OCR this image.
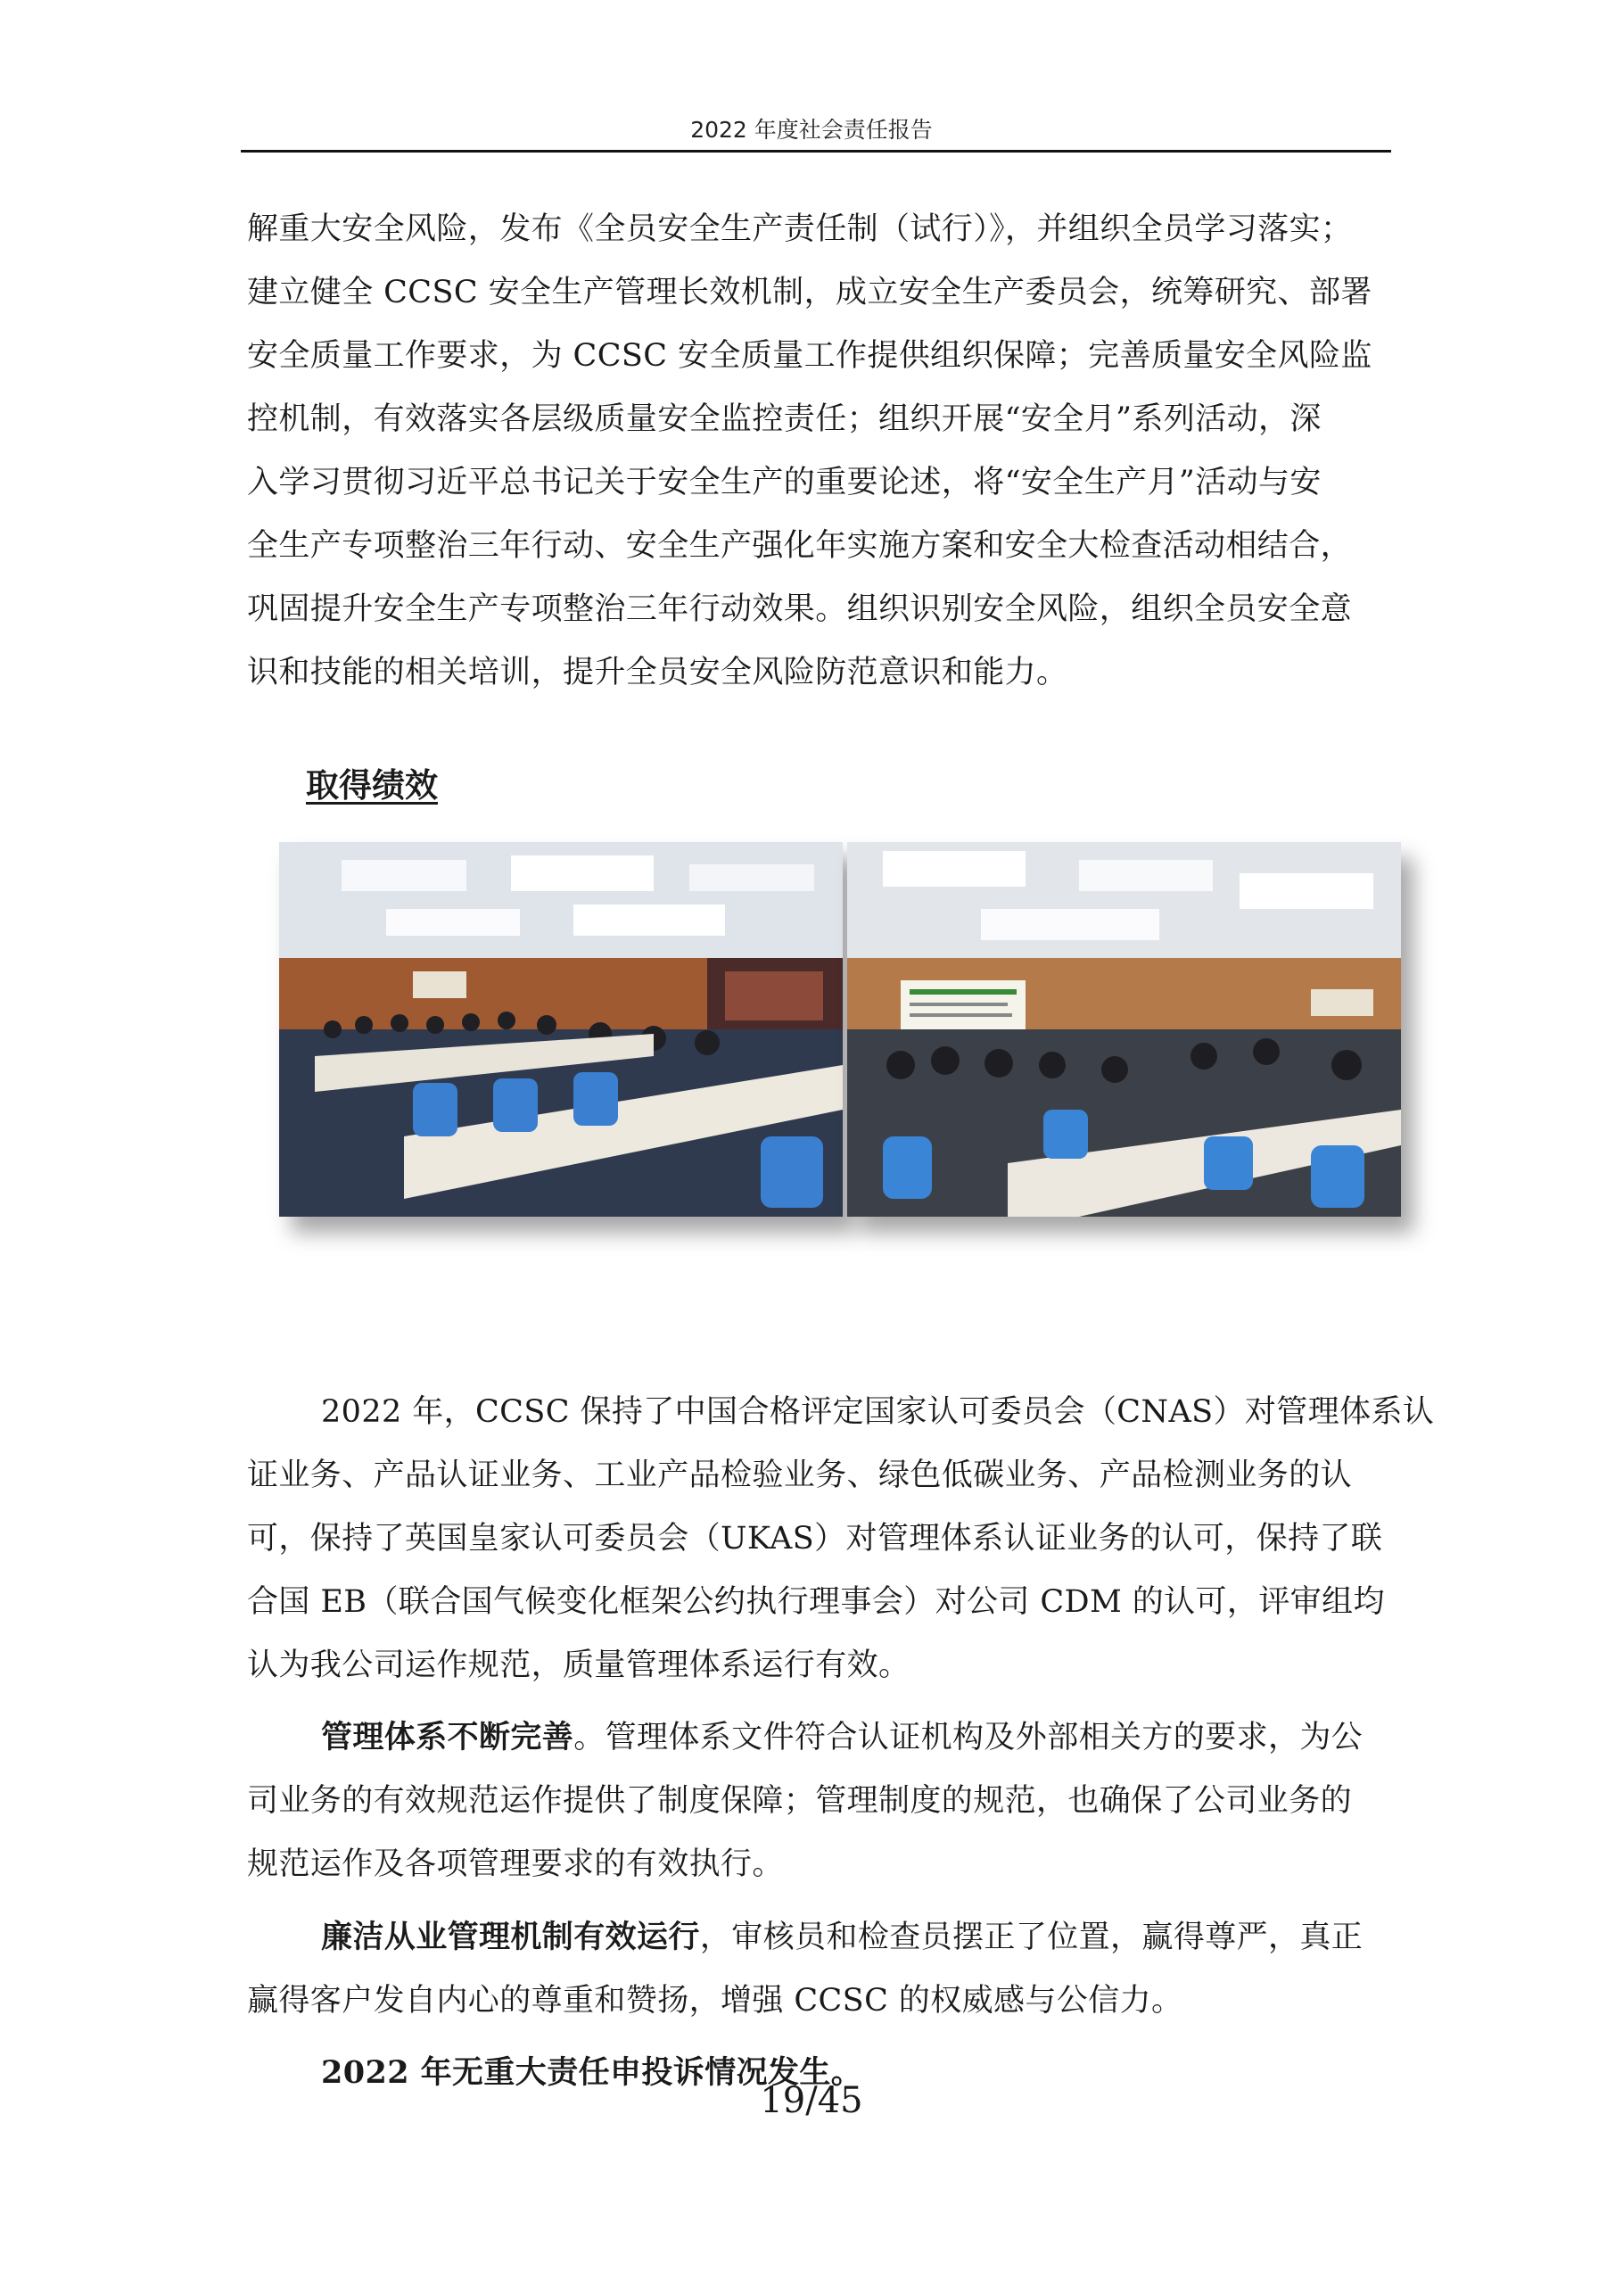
2022 年度社会责任报告

解重大安全风险，发布《全员安全生产责任制（试行）》，并组织全员学习落实；
建立健全 CCSC 安全生产管理长效机制，成立安全生产委员会，统筹研究、部署
安全质量工作要求，为 CCSC 安全质量工作提供组织保障；完善质量安全风险监
控机制，有效落实各层级质量安全监控责任；组织开展“安全月”系列活动，深
入学习贯彻习近平总书记关于安全生产的重要论述，将“安全生产月”活动与安
全生产专项整治三年行动、安全生产强化年实施方案和安全大检查活动相结合，
巩固提升安全生产专项整治三年行动效果。组织识别安全风险，组织全员安全意
识和技能的相关培训，提升全员安全风险防范意识和能力。

取得绩效

2022 年，CCSC 保持了中国合格评定国家认可委员会（CNAS）对管理体系认
证业务、产品认证业务、工业产品检验业务、绿色低碳业务、产品检测业务的认
可，保持了英国皇家认可委员会（UKAS）对管理体系认证业务的认可，保持了联
合国 EB（联合国气候变化框架公约执行理事会）对公司 CDM 的认可，评审组均
认为我公司运作规范，质量管理体系运行有效。

管理体系不断完善。管理体系文件符合认证机构及外部相关方的要求，为公
司业务的有效规范运作提供了制度保障；管理制度的规范，也确保了公司业务的
规范运作及各项管理要求的有效执行。

廉洁从业管理机制有效运行，审核员和检查员摆正了位置，赢得尊严，真正
赢得客户发自内心的尊重和赞扬，增强 CCSC 的权威感与公信力。

2022 年无重大责任申投诉情况发生。

19/45
